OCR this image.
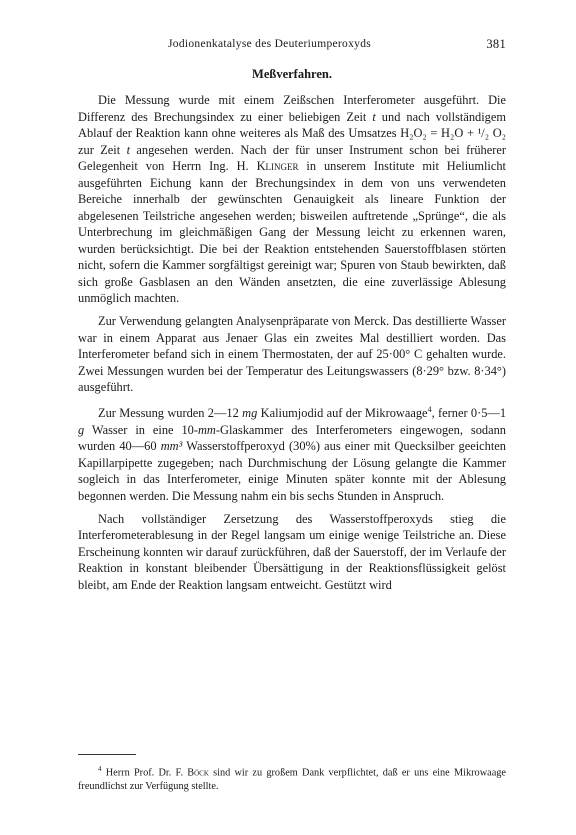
Jodionenkatalyse des Deuteriumperoxyds	381
Meßverfahren.

Die Messung wurde mit einem Zeißschen Interferometer ausgeführt. Die Differenz des Brechungsindex zu einer beliebigen Zeit t und nach vollständigem Ablauf der Reaktion kann ohne weiteres als Maß des Umsatzes H₂O₂ = H₂O + ¹/₂ O₂ zur Zeit t angesehen werden. Nach der für unser Instrument schon bei früherer Gelegenheit von Herrn Ing. H. Klinger in unserem Institute mit Heliumlicht ausgeführten Eichung kann der Brechungsindex in dem von uns verwendeten Bereiche innerhalb der gewünschten Genauigkeit als lineare Funktion der abgelesenen Teilstriche angesehen werden; bisweilen auftretende „Sprünge“, die als Unterbrechung im gleichmäßigen Gang der Messung leicht zu erkennen waren, wurden berücksichtigt. Die bei der Reaktion entstehenden Sauerstoffblasen störten nicht, sofern die Kammer sorgfältigst gereinigt war; Spuren von Staub bewirkten, daß sich große Gasblasen an den Wänden ansetzten, die eine zuverlässige Ablesung unmöglich machten.

Zur Verwendung gelangten Analysenpräparate von Merck. Das destillierte Wasser war in einem Apparat aus Jenaer Glas ein zweites Mal destilliert worden. Das Interferometer befand sich in einem Thermostaten, der auf 25·00° C gehalten wurde. Zwei Messungen wurden bei der Temperatur des Leitungswassers (8·29° bzw. 8·34°) ausgeführt.

Zur Messung wurden 2—12 mg Kaliumjodid auf der Mikrowaage$^4$, ferner 0·5—1 g Wasser in eine 10-mm-Glaskammer des Interferometers eingewogen, sodann wurden 40—60 mm³ Wasserstoffperoxyd (30%) aus einer mit Quecksilber geeichten Kapillarpipette zugegeben; nach Durchmischung der Lösung gelangte die Kammer sogleich in das Interferometer, einige Minuten später konnte mit der Ablesung begonnen werden. Die Messung nahm ein bis sechs Stunden in Anspruch.

Nach vollständiger Zersetzung des Wasserstoffperoxyds stieg die Interferometerablesung in der Regel langsam um einige wenige Teilstriche an. Diese Erscheinung konnten wir darauf zurückführen, daß der Sauerstoff, der im Verlaufe der Reaktion in konstant bleibender Übersättigung in der Reaktionsflüssigkeit gelöst bleibt, am Ende der Reaktion langsam entweicht. Gestützt wird

$^4$ Herrn Prof. Dr. F. Böck sind wir zu großem Dank verpflichtet, daß er uns eine Mikrowaage freundlichst zur Verfügung stellte.
